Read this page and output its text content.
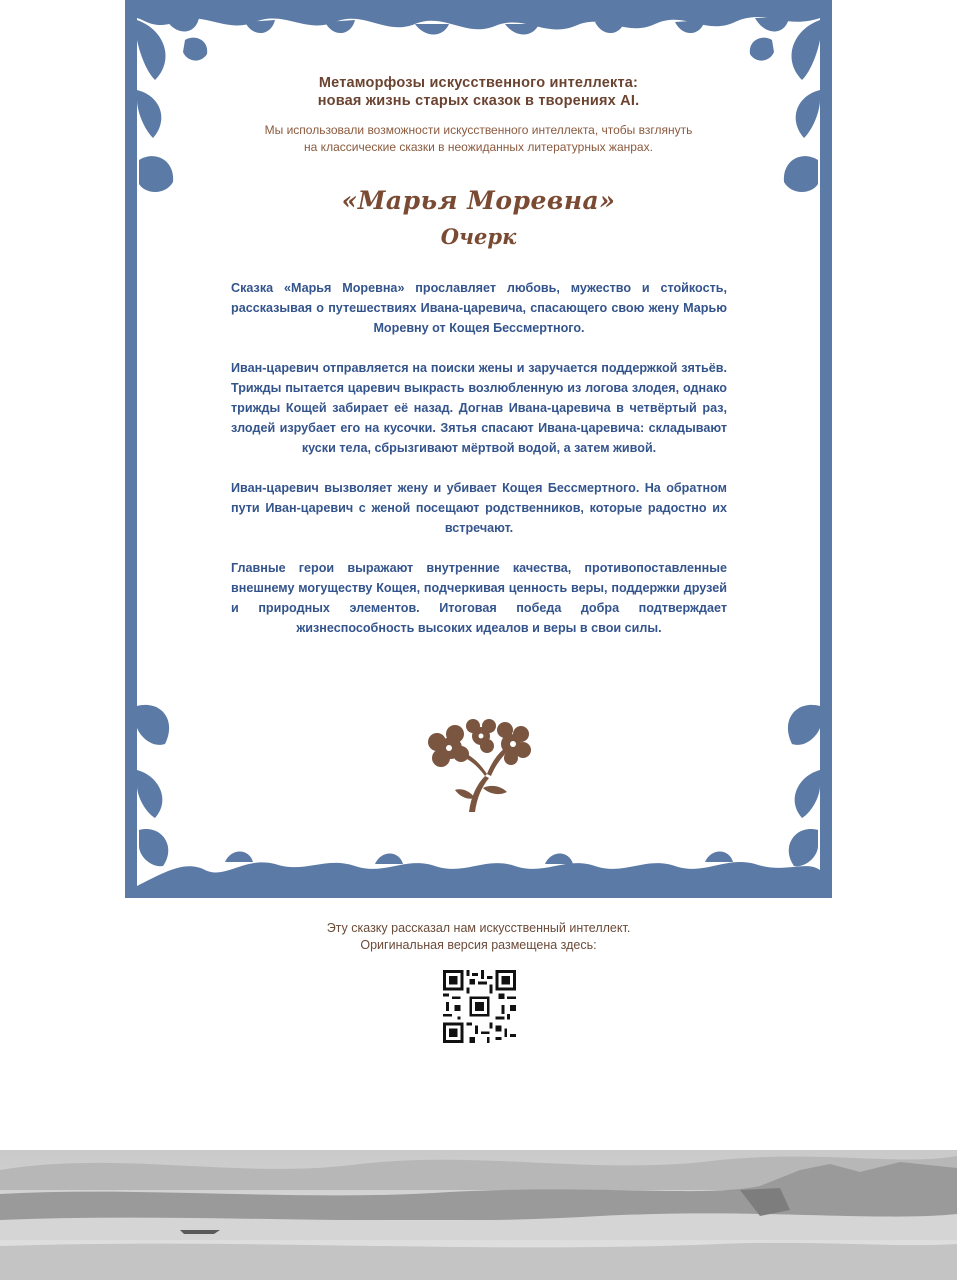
Метаморфозы искусственного интеллекта:
новая жизнь старых сказок в творениях AI.
Мы использовали возможности искусственного интеллекта, чтобы взглянуть
на классические сказки в неожиданных литературных жанрах.
«Марья Моревна»
Очерк

Сказка «Марья Моревна» прославляет любовь, мужество и стойкость, рассказывая о путешествиях Ивана-царевича, спасающего свою жену Марью Моревну от Кощея Бессмертного.

Иван-царевич отправляется на поиски жены и заручается поддержкой зятьёв. Трижды пытается царевич выкрасть возлюбленную из логова злодея, однако трижды Кощей забирает её назад. Догнав Ивана-царевича в четвёртый раз, злодей изрубает его на кусочки. Зятья спасают Ивана-царевича: складывают куски тела, сбрызгивают мёртвой водой, а затем живой.

Иван-царевич вызволяет жену и убивает Кощея Бессмертного. На обратном пути Иван-царевич с женой посещают родственников, которые радостно их встречают.

Главные герои выражают внутренние качества, противопоставленные внешнему могуществу Кощея, подчеркивая ценность веры, поддержки друзей и природных элементов. Итоговая победа добра подтверждает жизнеспособность высоких идеалов и веры в свои силы.

Эту сказку рассказал нам искусственный интеллект.
Оригинальная версия размещена здесь:
